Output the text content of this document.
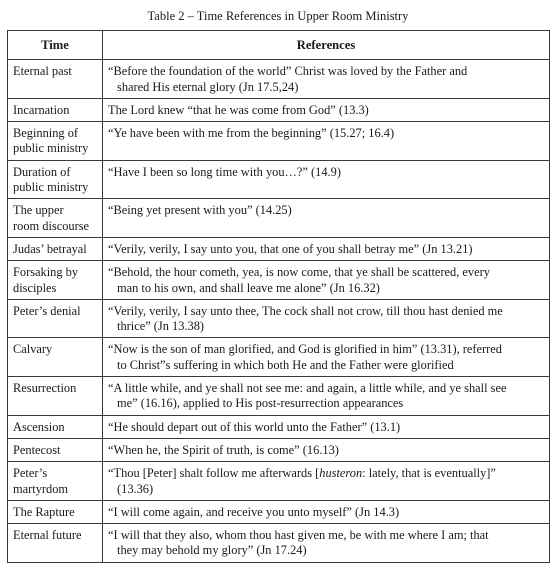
Table 2 – Time References in Upper Room Ministry
Time	References
Eternal past	“Before the foundation of the world” Christ was loved by the Father and
shared His eternal glory (Jn 17.5,24)

Incarnation	The Lord knew “that he was come from God” (13.3)

Beginning of
public ministry	“Ye have been with me from the beginning” (15.27; 16.4)

Duration of
public ministry	“Have I been so long time with you…?” (14.9)

The upper
room discourse	“Being yet present with you” (14.25)

Judas’ betrayal	“Verily, verily, I say unto you, that one of you shall betray me” (Jn 13.21)

Forsaking by
disciples	“Behold, the hour cometh, yea, is now come, that ye shall be scattered, every
man to his own, and shall leave me alone” (Jn 16.32)

Peter’s denial	“Verily, verily, I say unto thee, The cock shall not crow, till thou hast denied me
thrice” (Jn 13.38)

Calvary	“Now is the son of man glorified, and God is glorified in him” (13.31), referred
to Christ”s suffering in which both He and the Father were glorified

Resurrection	“A little while, and ye shall not see me: and again, a little while, and ye shall see
me” (16.16), applied to His post-resurrection appearances

Ascension	“He should depart out of this world unto the Father” (13.1)

Pentecost	“When he, the Spirit of truth, is come” (16.13)

Peter’s
martyrdom	“Thou [Peter] shalt follow me afterwards [husteron: lately, that is eventually]”
(13.36)

The Rapture	“I will come again, and receive you unto myself” (Jn 14.3)

Eternal future	“I will that they also, whom thou hast given me, be with me where I am; that
they may behold my glory” (Jn 17.24)
